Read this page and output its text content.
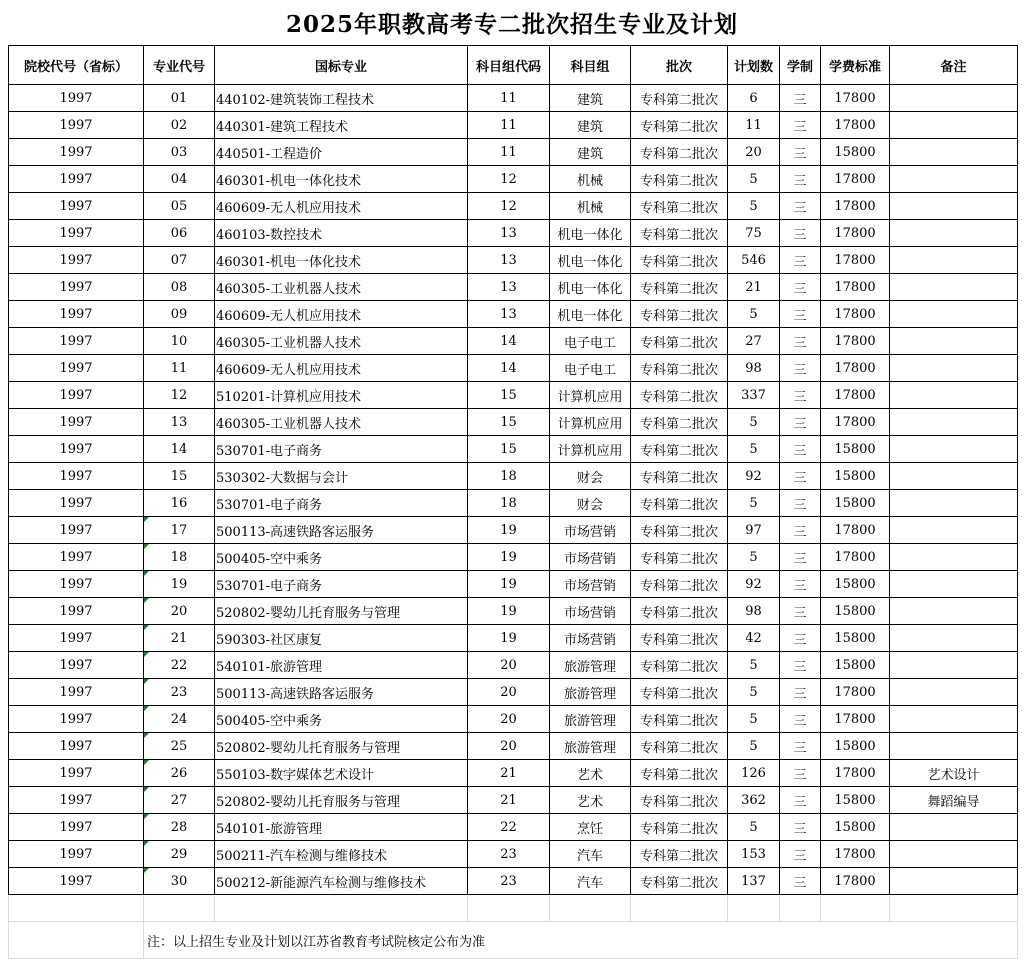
2025年职教高考专二批次招生专业及计划
院校代号（省标）	专业代号	国标专业	科目组代码	科目组	批次	计划数	学制	学费标准	备注
1997	01	440102-建筑装饰工程技术	11	建筑	专科第二批次	6	三	17800	
1997	02	440301-建筑工程技术	11	建筑	专科第二批次	11	三	17800	
1997	03	440501-工程造价	11	建筑	专科第二批次	20	三	15800	
1997	04	460301-机电一体化技术	12	机械	专科第二批次	5	三	17800	
1997	05	460609-无人机应用技术	12	机械	专科第二批次	5	三	17800	
1997	06	460103-数控技术	13	机电一体化	专科第二批次	75	三	17800	
1997	07	460301-机电一体化技术	13	机电一体化	专科第二批次	546	三	17800	
1997	08	460305-工业机器人技术	13	机电一体化	专科第二批次	21	三	17800	
1997	09	460609-无人机应用技术	13	机电一体化	专科第二批次	5	三	17800	
1997	10	460305-工业机器人技术	14	电子电工	专科第二批次	27	三	17800	
1997	11	460609-无人机应用技术	14	电子电工	专科第二批次	98	三	17800	
1997	12	510201-计算机应用技术	15	计算机应用	专科第二批次	337	三	17800	
1997	13	460305-工业机器人技术	15	计算机应用	专科第二批次	5	三	17800	
1997	14	530701-电子商务	15	计算机应用	专科第二批次	5	三	15800	
1997	15	530302-大数据与会计	18	财会	专科第二批次	92	三	15800	
1997	16	530701-电子商务	18	财会	专科第二批次	5	三	15800	
1997	17	500113-高速铁路客运服务	19	市场营销	专科第二批次	97	三	17800	
1997	18	500405-空中乘务	19	市场营销	专科第二批次	5	三	17800	
1997	19	530701-电子商务	19	市场营销	专科第二批次	92	三	15800	
1997	20	520802-婴幼儿托育服务与管理	19	市场营销	专科第二批次	98	三	15800	
1997	21	590303-社区康复	19	市场营销	专科第二批次	42	三	15800	
1997	22	540101-旅游管理	20	旅游管理	专科第二批次	5	三	15800	
1997	23	500113-高速铁路客运服务	20	旅游管理	专科第二批次	5	三	17800	
1997	24	500405-空中乘务	20	旅游管理	专科第二批次	5	三	17800	
1997	25	520802-婴幼儿托育服务与管理	20	旅游管理	专科第二批次	5	三	15800	
1997	26	550103-数字媒体艺术设计	21	艺术	专科第二批次	126	三	17800	艺术设计
1997	27	520802-婴幼儿托育服务与管理	21	艺术	专科第二批次	362	三	15800	舞蹈编导
1997	28	540101-旅游管理	22	烹饪	专科第二批次	5	三	15800	
1997	29	500211-汽车检测与维修技术	23	汽车	专科第二批次	153	三	17800	
1997	30	500212-新能源汽车检测与维修技术	23	汽车	专科第二批次	137	三	17800	

	注：以上招生专业及计划以江苏省教育考试院核定公布为准								
